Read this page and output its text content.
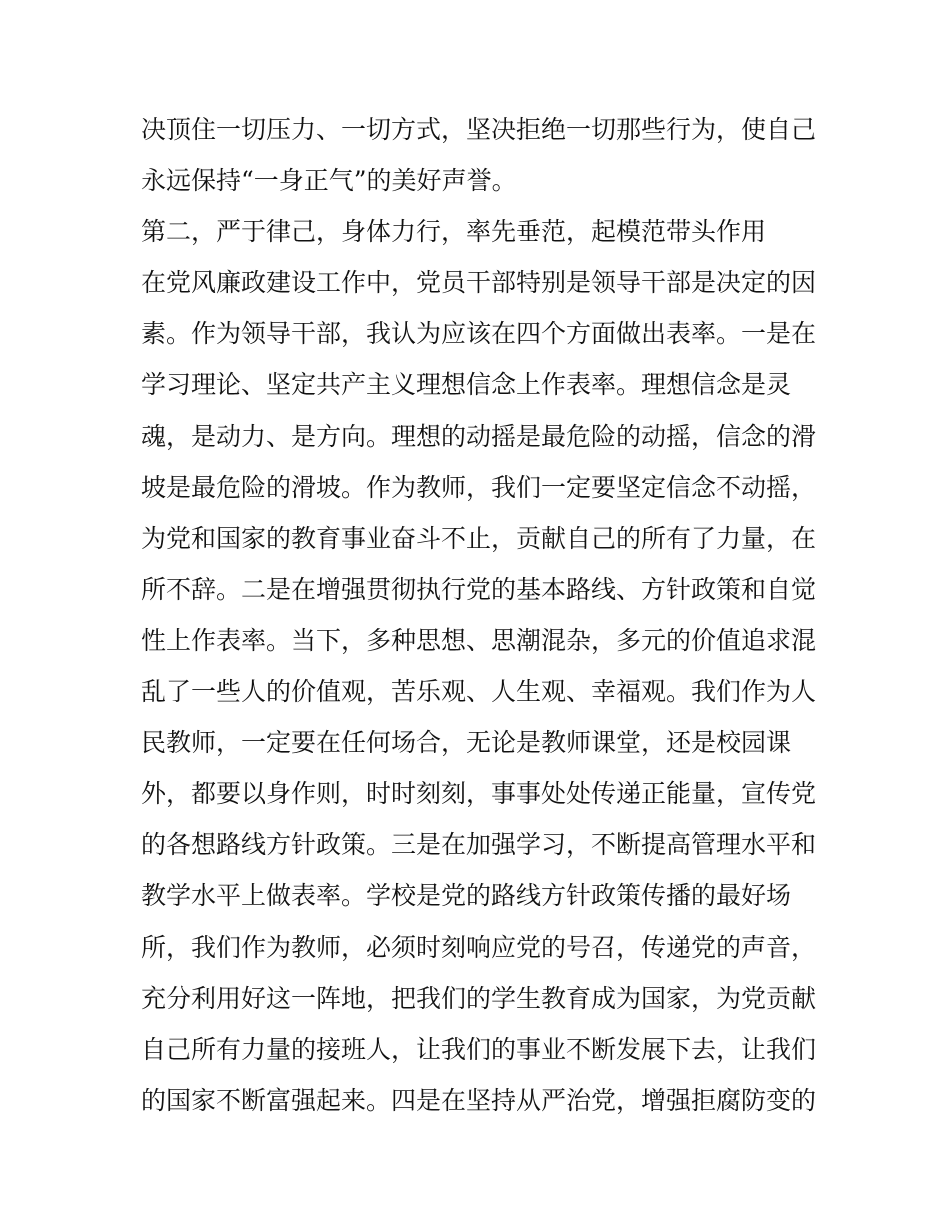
决顶住一切压力、一切方式，坚决拒绝一切那些行为，使自己
永远保持“一身正气”的美好声誉。
第二，严于律己，身体力行，率先垂范，起模范带头作用
在党风廉政建设工作中，党员干部特别是领导干部是决定的因
素。作为领导干部，我认为应该在四个方面做出表率。一是在
学习理论、坚定共产主义理想信念上作表率。理想信念是灵
魂，是动力、是方向。理想的动摇是最危险的动摇，信念的滑
坡是最危险的滑坡。作为教师，我们一定要坚定信念不动摇，
为党和国家的教育事业奋斗不止，贡献自己的所有了力量，在
所不辞。二是在增强贯彻执行党的基本路线、方针政策和自觉
性上作表率。当下，多种思想、思潮混杂，多元的价值追求混
乱了一些人的价值观，苦乐观、人生观、幸福观。我们作为人
民教师，一定要在任何场合，无论是教师课堂，还是校园课
外，都要以身作则，时时刻刻，事事处处传递正能量，宣传党
的各想路线方针政策。三是在加强学习，不断提高管理水平和
教学水平上做表率。学校是党的路线方针政策传播的最好场
所，我们作为教师，必须时刻响应党的号召，传递党的声音，
充分利用好这一阵地，把我们的学生教育成为国家，为党贡献
自己所有力量的接班人，让我们的事业不断发展下去，让我们
的国家不断富强起来。四是在坚持从严治党，增强拒腐防变的
